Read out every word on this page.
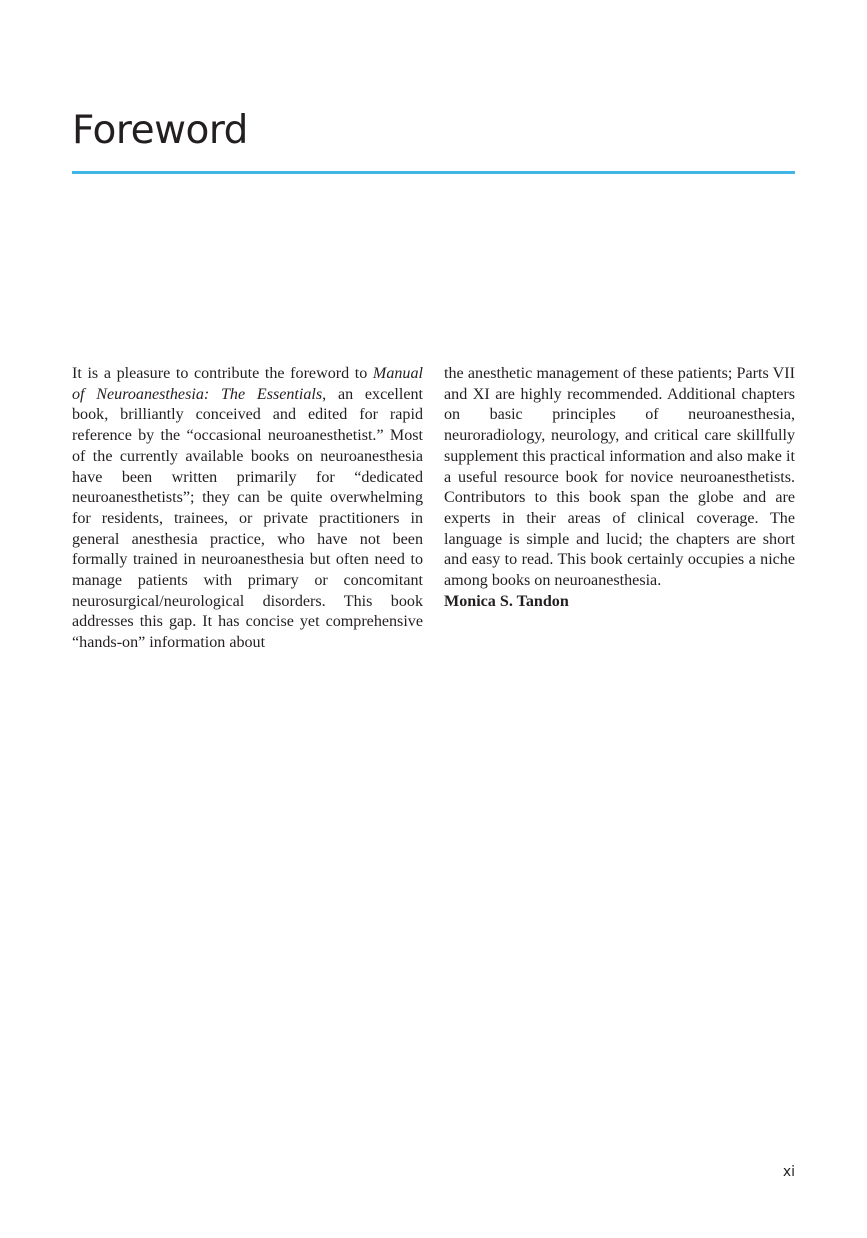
Foreword

It is a pleasure to contribute the foreword to Manual of Neuroanesthesia: The Essentials, an excellent book, brilliantly conceived and edited for rapid reference by the “occasional neuroanesthetist.” Most of the currently available books on neuroanesthesia have been written primarily for “dedicated neuroanesthetists”; they can be quite overwhelming for residents, trainees, or private practitioners in general anesthesia practice, who have not been formally trained in neuroanesthesia but often need to manage patients with primary or concomitant neurosurgical/neurological disorders. This book addresses this gap. It has concise yet comprehensive “hands-on” information about

the anesthetic management of these patients; Parts VII and XI are highly recommended. Additional chapters on basic principles of neuroanesthesia, neuroradiology, neurology, and critical care skillfully supplement this practical information and also make it a useful resource book for novice neuroanesthetists. Contributors to this book span the globe and are experts in their areas of clinical coverage. The language is simple and lucid; the chapters are short and easy to read. This book certainly occupies a niche among books on neuroanesthesia.

Monica S. Tandon

xi
